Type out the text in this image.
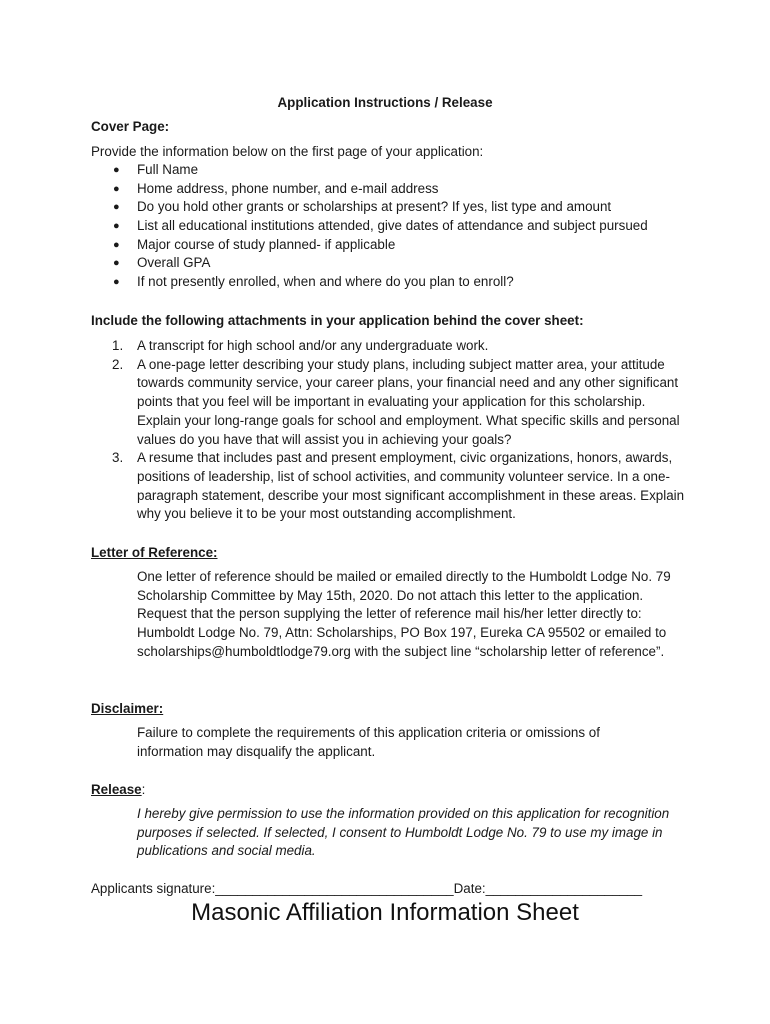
Application Instructions / Release

Cover Page:

Provide the information below on the first page of your application:

● Full Name
● Home address, phone number, and e-mail address
● Do you hold other grants or scholarships at present? If yes, list type and amount
● List all educational institutions attended, give dates of attendance and subject pursued
● Major course of study planned- if applicable
● Overall GPA
● If not presently enrolled, when and where do you plan to enroll?

Include the following attachments in your application behind the cover sheet:

1. A transcript for high school and/or any undergraduate work.
2. A one-page letter describing your study plans, including subject matter area, your attitude towards community service, your career plans, your financial need and any other significant points that you feel will be important in evaluating your application for this scholarship. Explain your long-range goals for school and employment. What specific skills and personal values do you have that will assist you in achieving your goals?
3. A resume that includes past and present employment, civic organizations, honors, awards, positions of leadership, list of school activities, and community volunteer service. In a one-paragraph statement, describe your most significant accomplishment in these areas. Explain why you believe it to be your most outstanding accomplishment.

Letter of Reference:

One letter of reference should be mailed or emailed directly to the Humboldt Lodge No. 79 Scholarship Committee by May 15th, 2020. Do not attach this letter to the application. Request that the person supplying the letter of reference mail his/her letter directly to: Humboldt Lodge No. 79, Attn: Scholarships, PO Box 197, Eureka CA 95502 or emailed to scholarships@humboldtlodge79.org with the subject line “scholarship letter of reference”.

Disclaimer:

Failure to complete the requirements of this application criteria or omissions of information may disqualify the applicant.

Release:

I hereby give permission to use the information provided on this application for recognition purposes if selected. If selected, I consent to Humboldt Lodge No. 79 to use my image in publications and social media.

Applicants signature:________________________________Date:_____________________

Masonic Affiliation Information Sheet
